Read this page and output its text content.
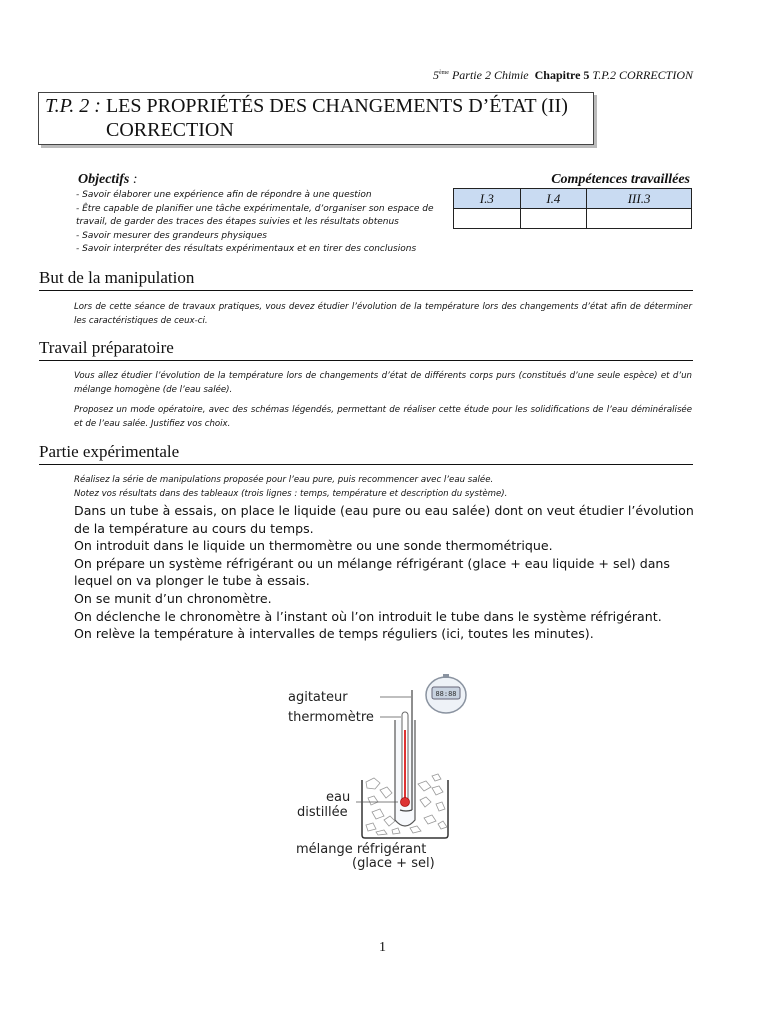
5ème Partie 2 Chimie Chapitre 5 T.P.2 CORRECTION
T.P. 2 : LES PROPRIÉTÉS DES CHANGEMENTS D’ÉTAT (II)
CORRECTION
Objectifs :
- Savoir élaborer une expérience afin de répondre à une question
- Être capable de planifier une tâche expérimentale, d’organiser son espace de
travail, de garder des traces des étapes suivies et les résultats obtenus
- Savoir mesurer des grandeurs physiques
- Savoir interpréter des résultats expérimentaux et en tirer des conclusions
Compétences travaillées
I.3	I.4	III.3

But de la manipulation
Lors de cette séance de travaux pratiques, vous devez étudier l’évolution de la température lors des changements d’état afin de déterminer les caractéristiques de ceux-ci.
Travail préparatoire
Vous allez étudier l’évolution de la température lors de changements d’état de différents corps purs (constitués d’une seule espèce) et d’un mélange homogène (de l’eau salée).
Proposez un mode opératoire, avec des schémas légendés, permettant de réaliser cette étude pour les solidifications de l’eau déminéralisée et de l’eau salée. Justifiez vos choix.
Partie expérimentale
Réalisez la série de manipulations proposée pour l’eau pure, puis recommencer avec l’eau salée.
Notez vos résultats dans des tableaux (trois lignes : temps, température et description du système).
Dans un tube à essais, on place le liquide (eau pure ou eau salée) dont on veut étudier l’évolution de la température au cours du temps.
On introduit dans le liquide un thermomètre ou une sonde thermométrique.
On prépare un système réfrigérant ou un mélange réfrigérant (glace + eau liquide + sel) dans lequel on va plonger le tube à essais.
On se munit d’un chronomètre.
On déclenche le chronomètre à l’instant où l’on introduit le tube dans le système réfrigérant.
On relève la température à intervalles de temps réguliers (ici, toutes les minutes).
88:88
agitateur
thermomètre
eau
distillée
mélange réfrigérant
(glace + sel)
1
